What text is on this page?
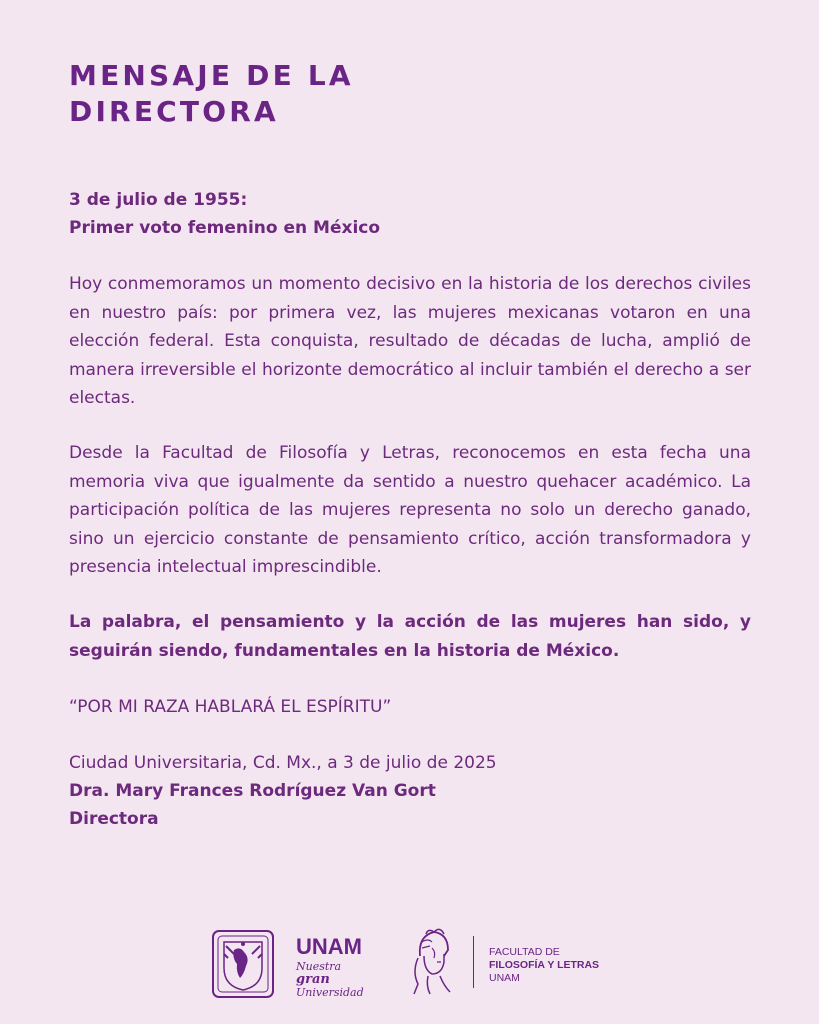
MENSAJE DE LA
DIRECTORA
3 de julio de 1955:
Primer voto femenino en México

Hoy conmemoramos un momento decisivo en la historia de los derechos civiles en nuestro país: por primera vez, las mujeres mexicanas votaron en una elección federal. Esta conquista, resultado de décadas de lucha, amplió de manera irreversible el horizonte democrático al incluir también el derecho a ser electas.

Desde la Facultad de Filosofía y Letras, reconocemos en esta fecha una memoria viva que igualmente da sentido a nuestro quehacer académico. La participación política de las mujeres representa no solo un derecho ganado, sino un ejercicio constante de pensamiento crítico, acción transformadora y presencia intelectual imprescindible.

La palabra, el pensamiento y la acción de las mujeres han sido, y seguirán siendo, fundamentales en la historia de México.

“POR MI RAZA HABLARÁ EL ESPÍRITU”

Ciudad Universitaria, Cd. Mx., a 3 de julio de 2025
Dra. Mary Frances Rodríguez Van Gort
Directora
UNAM
Nuestra gran
Universidad
FACULTAD DE
FILOSOFÍA Y LETRAS
UNAM
